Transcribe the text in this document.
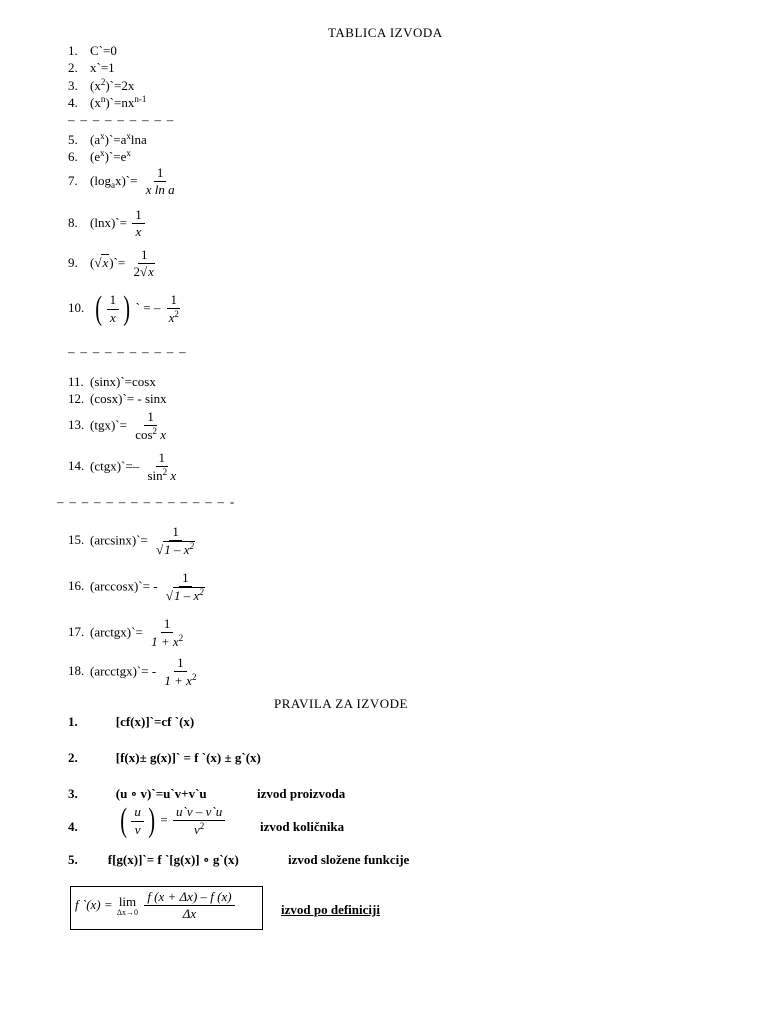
TABLICA IZVODA
1. C`=0
2. x`=1
3. $(x^2)`=2x$
4. $(x^n)`=nx^{n-1}$
– – – – – – – – –
5. $(a^x)`=a^x\ln a$
6. $(e^x)`=e^x$
7. $(\log_ax)`= \frac{1}{\text{x ln a}}$
8. (lnx)`= $\frac{1}{x}$
9. (√x)`= $\frac{1}{2√x}$
10. ( $\frac{1}{x}$ ) ` = – $\frac{1}{x^2}$
– – – – – – – – – –
11. (sinx)`=cosx
12. (cosx)`= - sinx
13. (tgx)`= $\frac{1}{\cos^2 x}$
14. (ctgx)`=– $\frac{1}{\sin^2 x}$
– – – – – – – – – – – – – – -
15. (arcsinx)`= $\frac{1}{√1 - x^2}$
16. (arccosx)`= - $\frac{1}{√1 - x^2}$
17. (arctgx)`= $\frac{1}{1 + x^2}$
18. (arcctgx)`= - $\frac{1}{1 + x^2}$
PRAVILA ZA IZVODE
1.	[cf(x)]`=cf `(x)
2.	[f(x)± g(x)]` = f `(x) ± g`(x)
3.	(u ∘ v)`=u`v+v`u	izvod proizvoda
4. ( $\frac{u}{v}$ ) = $\frac{u`v - v`u}{v^2}$	izvod količnika
5. f[g(x)]`= f `[g(x)] ∘ g`(x)	izvod složene funkcije
f `(x) = lim
Δx→0
$\frac{f (x + \Delta x) - f (x)}{\Delta x}$	izvod po definiciji
